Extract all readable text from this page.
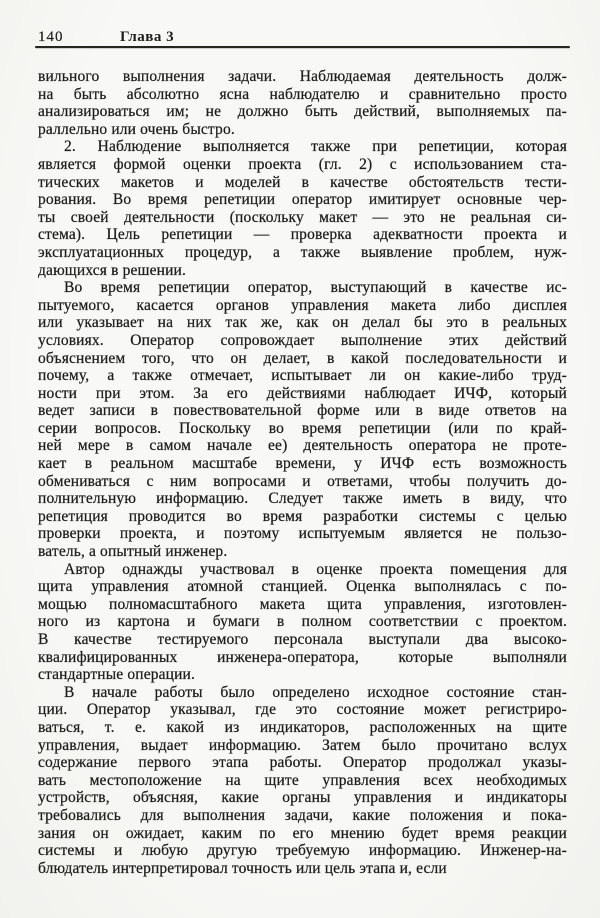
140	Глава 3
вильного выполнения задачи. Наблюдаемая деятельность долж-
на быть абсолютно ясна наблюдателю и сравнительно просто
анализироваться им; не должно быть действий, выполняемых па-
раллельно или очень быстро.
2. Наблюдение выполняется также при репетиции, которая
является формой оценки проекта (гл. 2) с использованием ста-
тических макетов и моделей в качестве обстоятельств тести-
рования. Во время репетиции оператор имитирует основные чер-
ты своей деятельности (поскольку макет — это не реальная си-
стема). Цель репетиции — проверка адекватности проекта и
эксплуатационных процедур, а также выявление проблем, нуж-
дающихся в решении.
Во время репетиции оператор, выступающий в качестве ис-
пытуемого, касается органов управления макета либо дисплея
или указывает на них так же, как он делал бы это в реальных
условиях. Оператор сопровождает выполнение этих действий
объяснением того, что он делает, в какой последовательности и
почему, а также отмечает, испытывает ли он какие-либо труд-
ности при этом. За его действиями наблюдает ИЧФ, который
ведет записи в повествовательной форме или в виде ответов на
серии вопросов. Поскольку во время репетиции (или по край-
ней мере в самом начале ее) деятельность оператора не проте-
кает в реальном масштабе времени, у ИЧФ есть возможность
обмениваться с ним вопросами и ответами, чтобы получить до-
полнительную информацию. Следует также иметь в виду, что
репетиция проводится во время разработки системы с целью
проверки проекта, и поэтому испытуемым является не пользо-
ватель, а опытный инженер.
Автор однажды участвовал в оценке проекта помещения для
щита управления атомной станцией. Оценка выполнялась с по-
мощью полномасштабного макета щита управления, изготовлен-
ного из картона и бумаги в полном соответствии с проектом.
В качестве тестируемого персонала выступали два высоко-
квалифицированных инженера-оператора, которые выполняли
стандартные операции.
В начале работы было определено исходное состояние стан-
ции. Оператор указывал, где это состояние может регистриро-
ваться, т. е. какой из индикаторов, расположенных на щите
управления, выдает информацию. Затем было прочитано вслух
содержание первого этапа работы. Оператор продолжал указы-
вать местоположение на щите управления всех необходимых
устройств, объясняя, какие органы управления и индикаторы
требовались для выполнения задачи, какие положения и пока-
зания он ожидает, каким по его мнению будет время реакции
системы и любую другую требуемую информацию. Инженер-на-
блюдатель интерпретировал точность или цель этапа и, если
